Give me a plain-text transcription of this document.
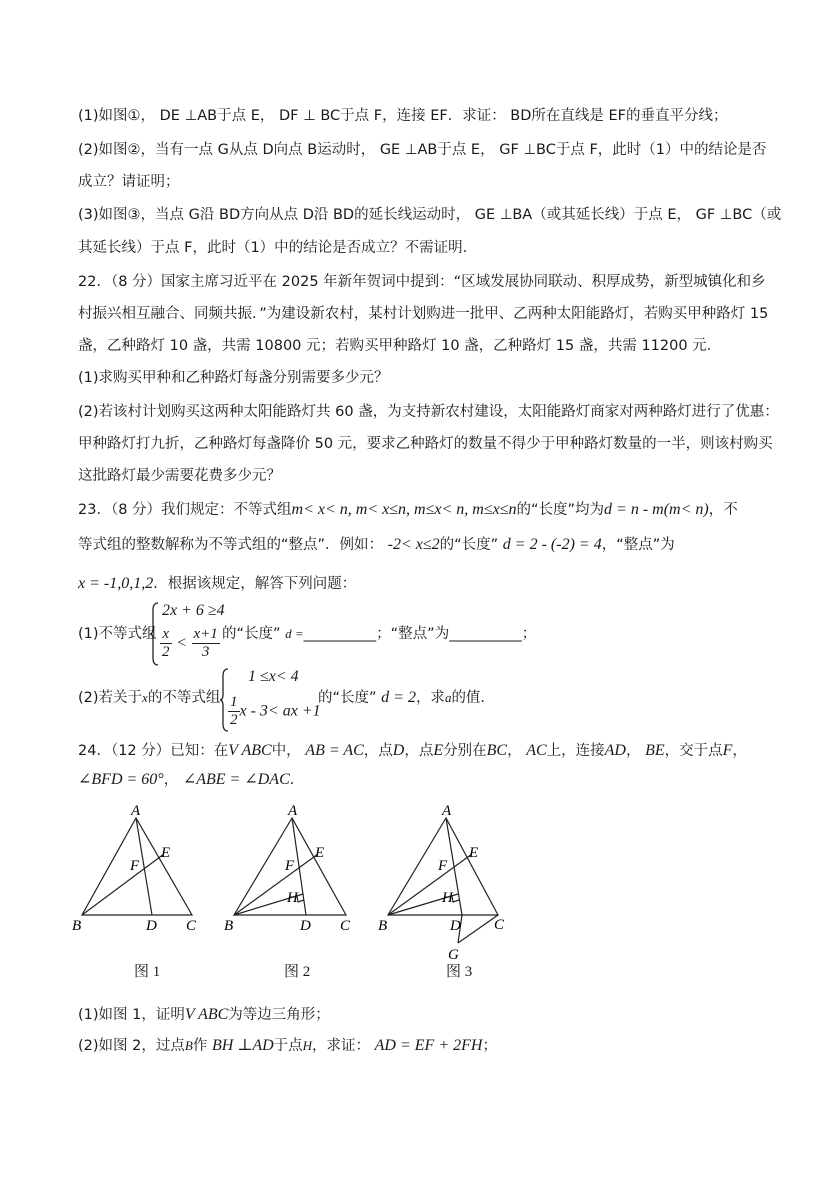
(1)如图①， DE ⊥AB于点 E， DF ⊥ BC于点 F，连接 EF．求证： BD所在直线是 EF的垂直平分线；
(2)如图②，当有一点 G从点 D向点 B运动时， GE ⊥AB于点 E， GF ⊥BC于点 F，此时（1）中的结论是否
成立？请证明；
(3)如图③，当点 G沿 BD方向从点 D沿 BD的延长线运动时， GE ⊥BA（或其延长线）于点 E， GF ⊥BC（或
其延长线）于点 F，此时（1）中的结论是否成立？不需证明．
22．（8 分）国家主席习近平在 2025 年新年贺词中提到：“区域发展协同联动、积厚成势，新型城镇化和乡
村振兴相互融合、同频共振．”为建设新农村，某村计划购进一批甲、乙两种太阳能路灯，若购买甲种路灯 15
盏，乙种路灯 10 盏，共需 10800 元；若购买甲种路灯 10 盏，乙种路灯 15 盏，共需 11200 元．
(1)求购买甲种和乙种路灯每盏分别需要多少元？
(2)若该村计划购买这两种太阳能路灯共 60 盏，为支持新农村建设，太阳能路灯商家对两种路灯进行了优惠：
甲种路灯打九折，乙种路灯每盏降价 50 元，要求乙种路灯的数量不得少于甲种路灯数量的一半，则该村购买
这批路灯最少需要花费多少元？
23．（8 分）我们规定：不等式组m< x< n, m< x≤n, m≤x< n, m≤x≤n的“长度”均为d = n - m(m< n)，不
等式组的整数解称为不等式组的“整点”．例如： -2< x≤2的“长度” d = 2 - (-2) = 4，“整点”为
x = -1,0,1,2．根据该规定，解答下列问题：
(1)不等式组
2x + 6 ≥4
$\frac{x}{2} < \frac{x+1}{3}$ 的“长度” d =__________；“整点”为__________；
(2)若关于x的不等式组
1 ≤x< 4
$\frac{1}{2}$ x - 3< ax +1
的“长度” d = 2，求a的值．
24．（12 分）已知：在V ABC中， AB = AC，点D，点E分别在BC， AC上，连接AD， BE，交于点F，
∠BFD = 60°， ∠ABE = ∠DAC．
A
B	C
D
E
F
图 1
A
B	C
D
E
F
H
图 2
A
B	C
D
E
F
H
G
图 3
(1)如图 1，证明V ABC为等边三角形；
(2)如图 2，过点B作 BH ⊥AD于点H，求证： AD = EF + 2FH；
